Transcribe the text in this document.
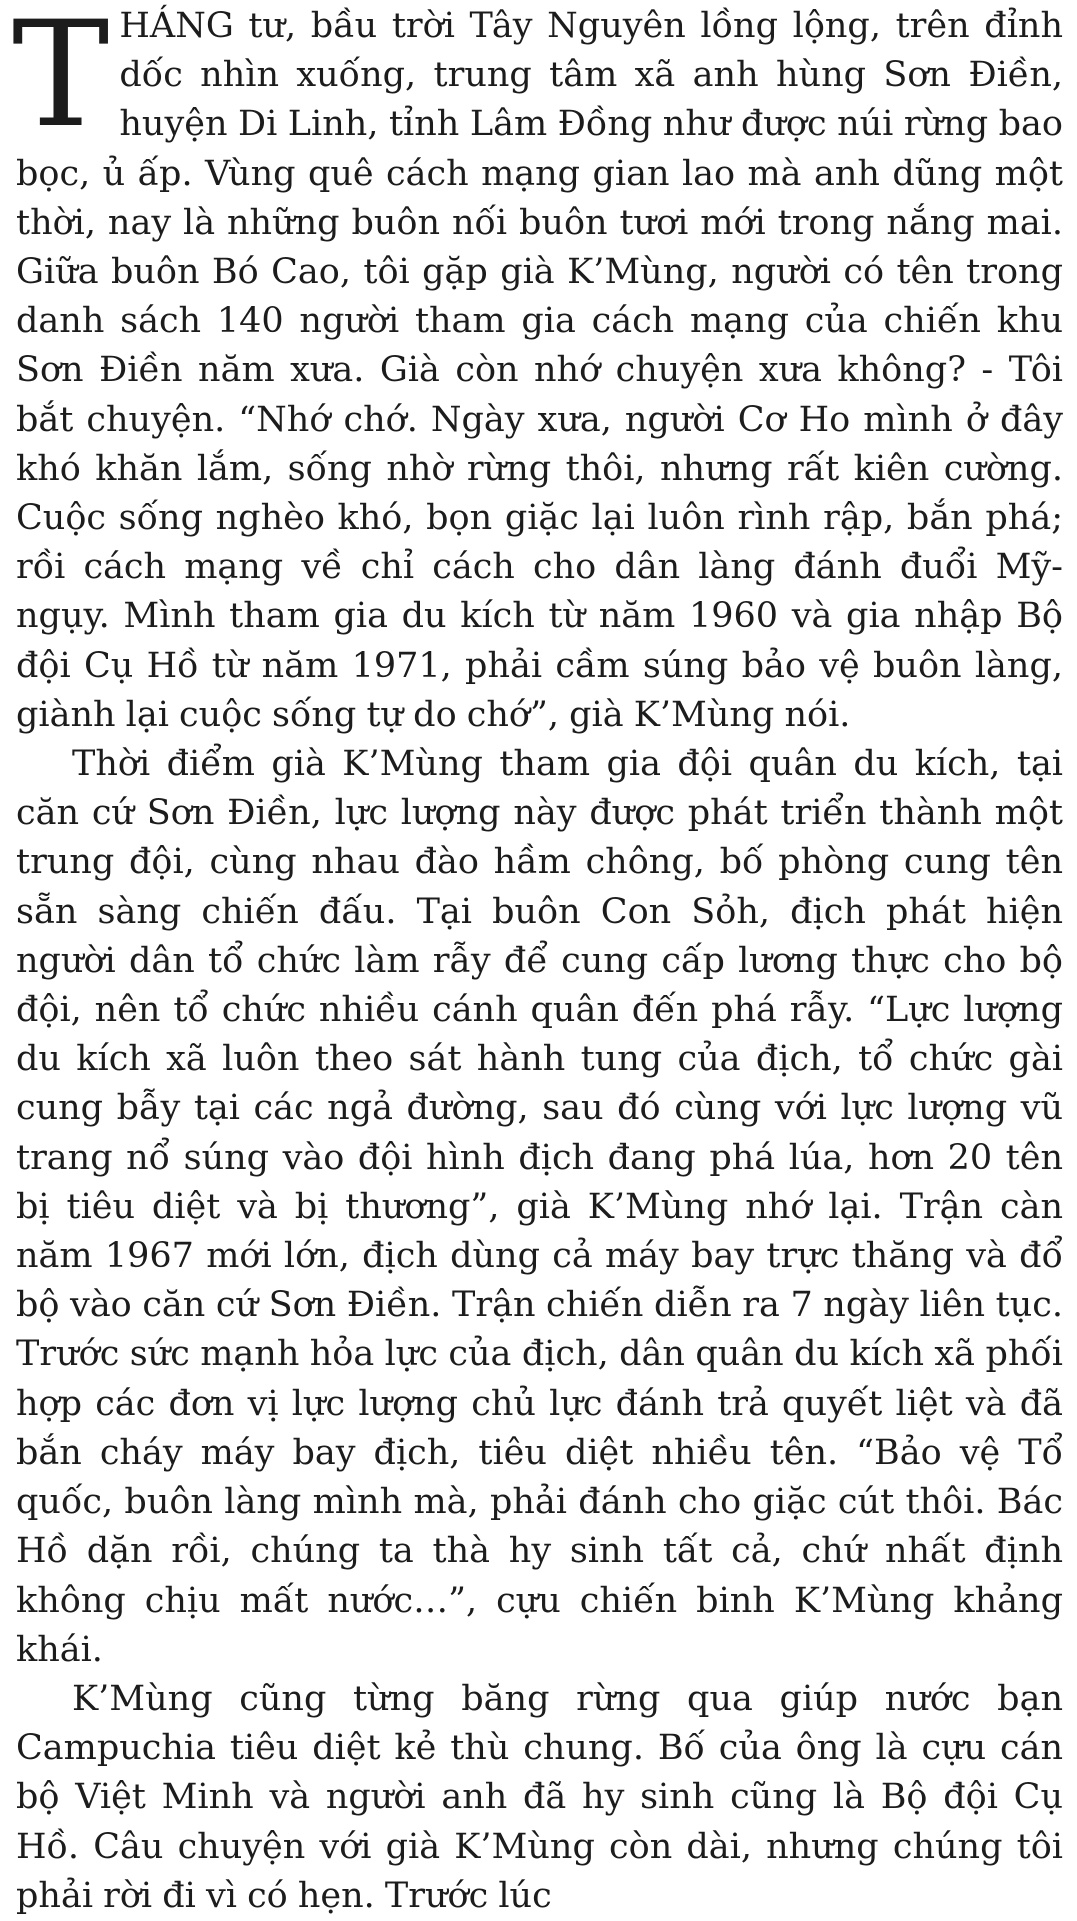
THÁNG tư, bầu trời Tây Nguyên lồng lộng, trên đỉnh dốc nhìn xuống, trung tâm xã anh hùng Sơn Điền, huyện Di Linh, tỉnh Lâm Đồng như được núi rừng bao bọc, ủ ấp. Vùng quê cách mạng gian lao mà anh dũng một thời, nay là những buôn nối buôn tươi mới trong nắng mai. Giữa buôn Bó Cao, tôi gặp già K’Mùng, người có tên trong danh sách 140 người tham gia cách mạng của chiến khu Sơn Điền năm xưa. Già còn nhớ chuyện xưa không? - Tôi bắt chuyện. “Nhớ chớ. Ngày xưa, người Cơ Ho mình ở đây khó khăn lắm, sống nhờ rừng thôi, nhưng rất kiên cường. Cuộc sống nghèo khó, bọn giặc lại luôn rình rập, bắn phá; rồi cách mạng về chỉ cách cho dân làng đánh đuổi Mỹ-ngụy. Mình tham gia du kích từ năm 1960 và gia nhập Bộ đội Cụ Hồ từ năm 1971, phải cầm súng bảo vệ buôn làng, giành lại cuộc sống tự do chớ”, già K’Mùng nói.

Thời điểm già K’Mùng tham gia đội quân du kích, tại căn cứ Sơn Điền, lực lượng này được phát triển thành một trung đội, cùng nhau đào hầm chông, bố phòng cung tên sẵn sàng chiến đấu. Tại buôn Con Sỏh, địch phát hiện người dân tổ chức làm rẫy để cung cấp lương thực cho bộ đội, nên tổ chức nhiều cánh quân đến phá rẫy. “Lực lượng du kích xã luôn theo sát hành tung của địch, tổ chức gài cung bẫy tại các ngả đường, sau đó cùng với lực lượng vũ trang nổ súng vào đội hình địch đang phá lúa, hơn 20 tên bị tiêu diệt và bị thương”, già K’Mùng nhớ lại. Trận càn năm 1967 mới lớn, địch dùng cả máy bay trực thăng và đổ bộ vào căn cứ Sơn Điền. Trận chiến diễn ra 7 ngày liên tục. Trước sức mạnh hỏa lực của địch, dân quân du kích xã phối hợp các đơn vị lực lượng chủ lực đánh trả quyết liệt và đã bắn cháy máy bay địch, tiêu diệt nhiều tên. “Bảo vệ Tổ quốc, buôn làng mình mà, phải đánh cho giặc cút thôi. Bác Hồ dặn rồi, chúng ta thà hy sinh tất cả, chứ nhất định không chịu mất nước…”, cựu chiến binh K’Mùng khảng khái.

K’Mùng cũng từng băng rừng qua giúp nước bạn Campuchia tiêu diệt kẻ thù chung. Bố của ông là cựu cán bộ Việt Minh và người anh đã hy sinh cũng là Bộ đội Cụ Hồ. Câu chuyện với già K’Mùng còn dài, nhưng chúng tôi phải rời đi vì có hẹn. Trước lúc
